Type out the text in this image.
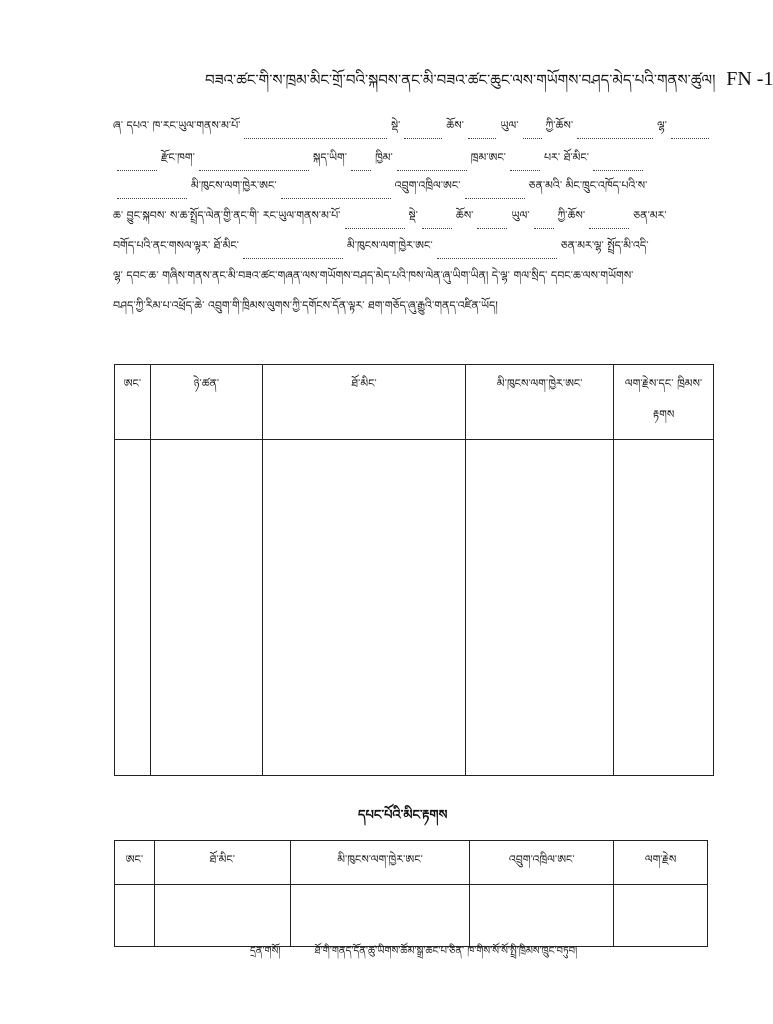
བཟའ་ཚང་གི་ས་ཁྲམ་མིང་གྲོ་བའི་སྐབས་ནང་མི་བཟའ་ཚང་ཆུང་ལས་གཡོགས་བཤད་མེད་པའི་གནས་ཚུལ། FN -1
ཞ་ དཔའ་ ཁ་ རང་ཡུལ་གནས་མ་པོ་	སྡེ་	ཆོས་	ཡུལ་ ཀྱི་ཆོས་	ལྷ་
རྫོང་ཁག་	སྐད་ཡིག་	ཁྱིམ་	ཁྲམ་ཨང་	པར་ ཐོ་མིང་
མི་ཁུངས་ལག་ཁྱེར་ཨང་	འབྲུག་འཁྲིལ་ཨང་	ཅན་མའི་ མིང་ཁྲུང་འཁོད་པའི་ས་
ཆ་ བྱུང་སྐབས་ ས་ཆ་སྤྲོད་ལེན་གྱི་ནང་གི་ རང་ཡུལ་གནས་མ་པོ་	སྡེ་	ཆོས་	ཡུལ་	ཀྱི་ཆོས་	ཅན་མར་
བགོད་པའི་ནང་གསལ་ལྟར་ ཐོ་མིང་	མི་ཁུངས་ལག་ཁྱེར་ཨང་	ཅན་མར་ལྷ་ སྤྲོད་མི་འདི་
ལྷ་ དབང་ཆ་ གཞིས་གནས་ནང་མི་བཟའ་ཚང་གཞན་ལས་གཡོགས་བཤད་མེད་པའི་ཁས་ལེན་ཞུ་ཡིག་ཡིན། དེ་ལྷ་ གལ་སྲིད་ དབང་ཆ་ལས་གཡོགས་
བཤད་ཀྱི་རིམ་པ་འཕྲོད་ཆེ་ འབྲུག་གི་ཁྲིམས་ལུགས་ཀྱི་དགོངས་དོན་ལྟར་ ཐག་གཅོད་ཞུ་རྒྱུའི་གནད་འཛིན་ཡོད།
ཨང་	ཉེ་ཚན་	ཐོ་མིང་	མི་ཁུངས་ལག་ཁྱེར་ཨང་	ལག་རྗེས་དང་ ཁྲིམས་རྟགས

དཔང་པོའི་མིང་རྟགས
ཨང་	ཐོ་མིང་	མི་ཁུངས་ལག་ཁྱེར་ཨང་	འབྲུག་འཁྲིལ་ཨང་	ལག་རྗེས

དྲན་གསོ།	ཐོ་གི་གནད་དོན་ཚུ་ཡིགས་ཚོམ་སྒྲ་ཆང་པ་ཅིན་ ཁ་གིས་སོ་སོ་སྤྲི་ཁྲིམས་ཁྲུང་བཏུབ།
